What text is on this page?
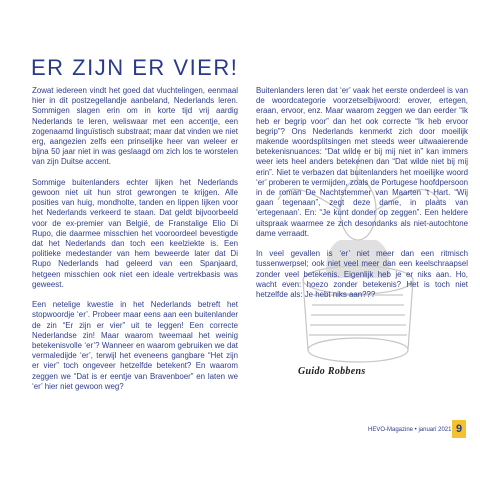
ER ZIJN ER VIER!

Zowat iedereen vindt het goed dat vluchtelingen, eenmaal hier in dit postzegellandje aanbeland, Nederlands leren. Sommigen slagen erin om in korte tijd vrij aardig Nederlands te leren, weliswaar met een accentje, een zogenaamd linguïstisch substraat; maar dat vinden we niet erg, aangezien zelfs een prinselijke heer van weleer er bijna 50 jaar niet in was geslaagd om zich los te worstelen van zijn Duitse accent.

Sommige buitenlanders echter lijken het Nederlands gewoon niet uit hun strot gewrongen te krijgen. Alle posities van huig, mondholte, tanden en lippen lijken voor het Nederlands verkeerd te staan. Dat geldt bijvoorbeeld voor de ex-premier van België, de Franstalige Elio Di Rupo, die daarmee misschien het vooroordeel bevestigde dat het Nederlands dan toch een keelziekte is. Een politieke medestander van hem beweerde later dat Di Rupo Nederlands had geleerd van een Spanjaard, hetgeen misschien ook niet een ideale vertrekbasis was geweest.

Een netelige kwestie in het Nederlands betreft het stopwoordje ‘er’. Probeer maar eens aan een buitenlander de zin “Er zijn er vier” uit te leggen! Een correcte Nederlandse zin! Maar waarom tweemaal het weinig betekenisvolle ‘er’? Wanneer en waarom gebruiken we dat vermaledijde ‘er’, terwijl het eveneens gangbare “Het zijn er vier” toch ongeveer hetzelfde betekent? En waarom zeggen we “Dat is er eentje van Bravenboer” en laten we ‘er’ hier niet gewoon weg?

Buitenlanders leren dat ‘er’ vaak het eerste onderdeel is van de woordcategorie voorzetselbijwoord: erover, ertegen, eraan, ervoor, enz. Maar waarom zeggen we dan eerder “Ik heb er begrip voor” dan het ook correcte “Ik heb ervoor begrip”? Ons Nederlands kenmerkt zich door moeilijk makende woordsplitsingen met steeds weer uitwaaierende betekenisnuances: “Dat wilde er bij mij niet in” kan immers weer iets heel anders betekenen dan “Dat wilde niet bij mij erin”. Niet te verbazen dat buitenlanders het moeilijke woord ‘er’ proberen te vermijden, zoals de Portugese hoofdpersoon in de roman De Nachtstemmer van Maarten ‘t Hart. “Wij gaan tegenaan”, zegt deze dame, in plaats van ‘ertegenaan’. En: “Je kunt donder op zeggen”. Een heldere uitspraak waarmee ze zich desondanks als niet-autochtone dame verraadt.

In veel gevallen is ‘er’ niet meer dan een ritmisch tussenwerpsel; ook niet veel meer dan een keelschraapsel zonder veel betekenis. Eigenlijk heb je er niks aan. Ho, wacht even: hoezo zonder betekenis? Het is toch niet hetzelfde als: Je hebt niks aan???

Guido Robbens
HEVO-Magazine • januari 2021 9
